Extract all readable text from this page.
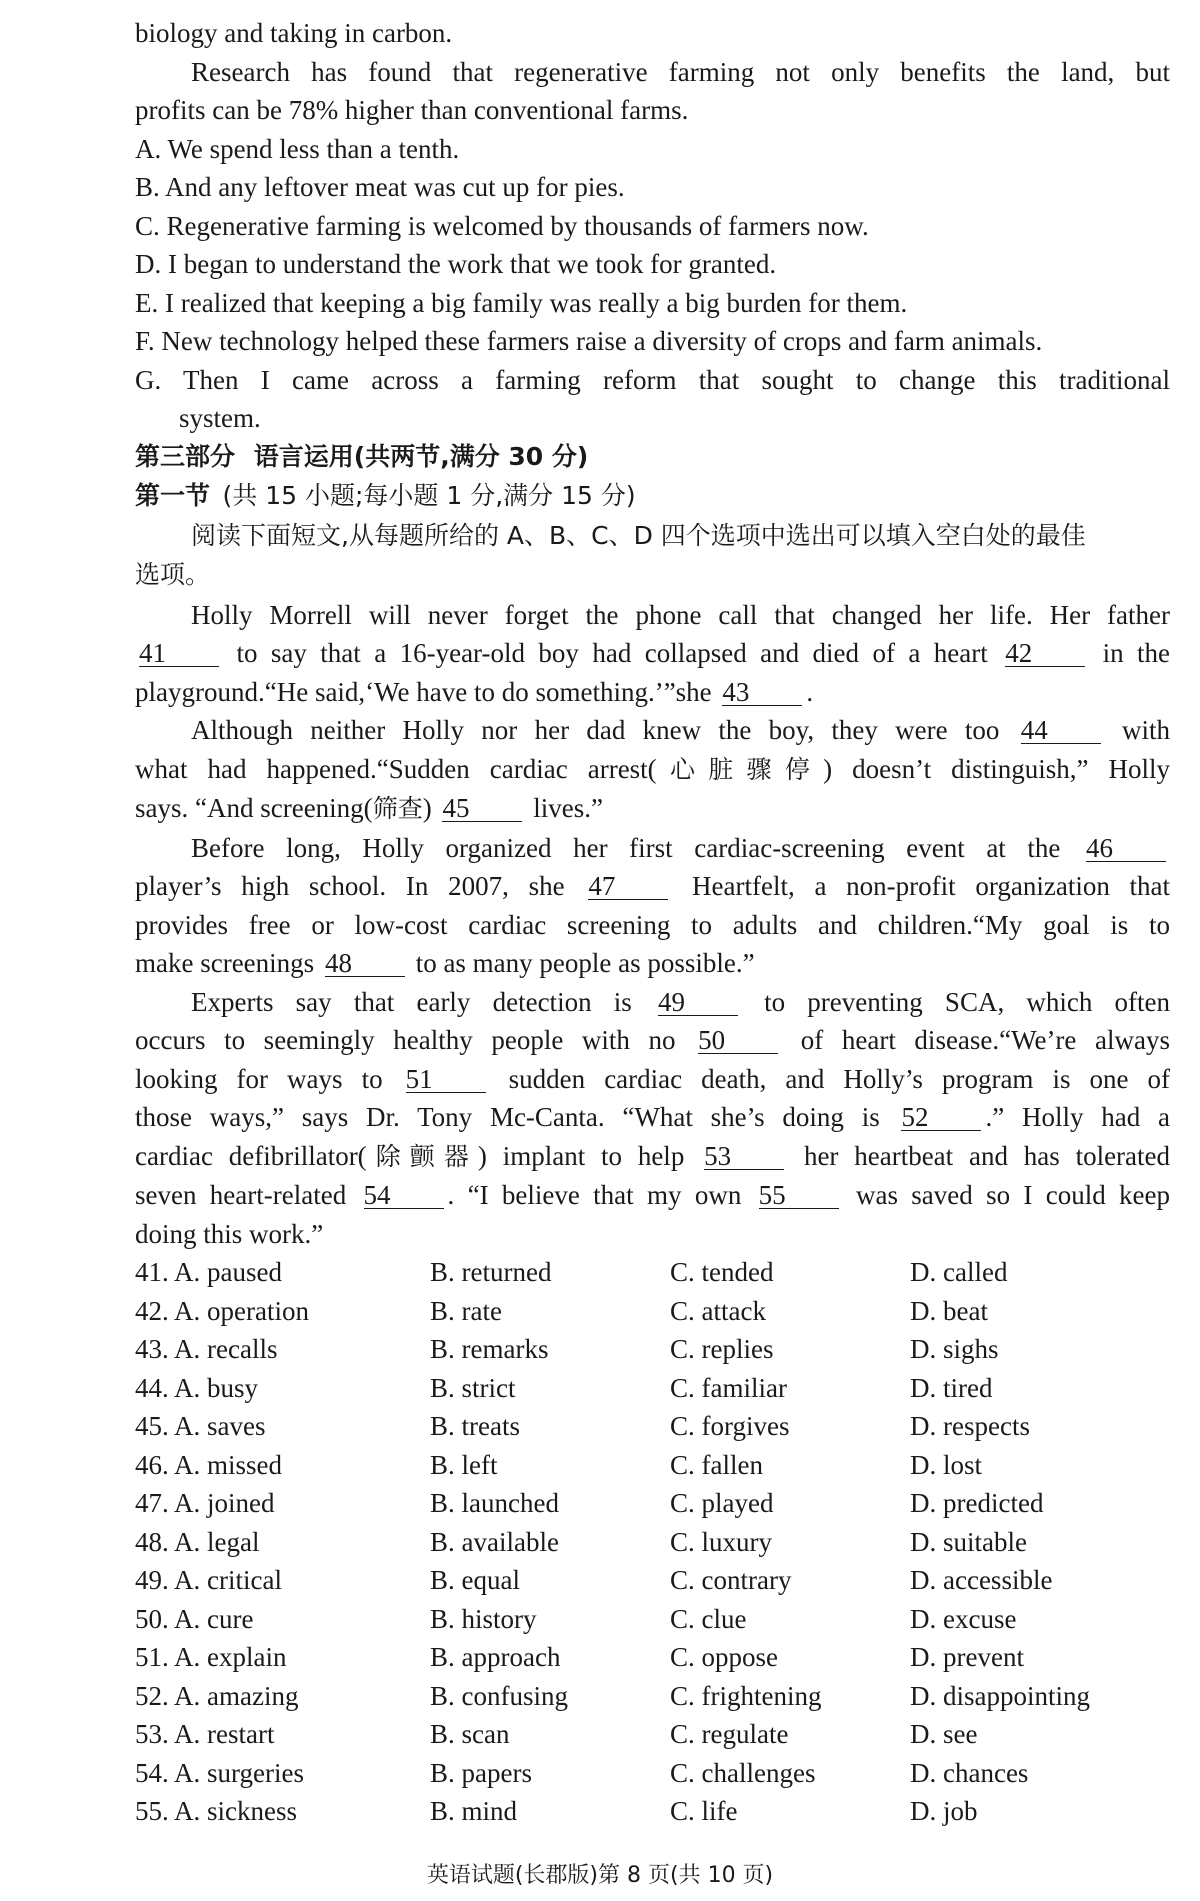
biology and taking in carbon.
Research has found that regenerative farming not only benefits the land, but
profits can be 78% higher than conventional farms.
A. We spend less than a tenth.
B. And any leftover meat was cut up for pies.
C. Regenerative farming is welcomed by thousands of farmers now.
D. I began to understand the work that we took for granted.
E. I realized that keeping a big family was really a big burden for them.
F. New technology helped these farmers raise a diversity of crops and farm animals.
G. Then I came across a farming reform that sought to change this traditional
system.
第三部分 语言运用(共两节,满分 30 分)
第一节 (共 15 小题;每小题 1 分,满分 15 分)
阅读下面短文,从每题所给的 A、B、C、D 四个选项中选出可以填入空白处的最佳
选项。
Holly Morrell will never forget the phone call that changed her life. Her father
41	to say that a 16-year-old boy had collapsed and died of a heart 42	in the
playground.“He said,‘We have to do something.’”she 43 .
Although neither Holly nor her dad knew the boy, they were too 44	with
what had happened.“Sudden cardiac arrest(心脏骤停) doesn’t distinguish,” Holly
says. “And screening(筛查) 45 lives.”
Before long, Holly organized her first cardiac-screening event at the 46
player’s high school. In 2007, she 47	Heartfelt, a non-profit organization that
provides free or low-cost cardiac screening to adults and children.“My goal is to
make screenings 48 to as many people as possible.”
Experts say that early detection is 49	to preventing SCA, which often
occurs to seemingly healthy people with no 50	of heart disease.“We’re always
looking for ways to 51	sudden cardiac death, and Holly’s program is one of
those ways,” says Dr. Tony Mc-Canta. “What she’s doing is 52 .” Holly had a
cardiac defibrillator(除颤器) implant to help 53	her heartbeat and has tolerated
seven heart-related 54 . “I believe that my own 55	was saved so I could keep
doing this work.”
41. A. paused	B. returned	C. tended	D. called
42. A. operation	B. rate	C. attack	D. beat
43. A. recalls	B. remarks	C. replies	D. sighs
44. A. busy	B. strict	C. familiar	D. tired
45. A. saves	B. treats	C. forgives	D. respects
46. A. missed	B. left	C. fallen	D. lost
47. A. joined	B. launched	C. played	D. predicted
48. A. legal	B. available	C. luxury	D. suitable
49. A. critical	B. equal	C. contrary	D. accessible
50. A. cure	B. history	C. clue	D. excuse
51. A. explain	B. approach	C. oppose	D. prevent
52. A. amazing	B. confusing	C. frightening	D. disappointing
53. A. restart	B. scan	C. regulate	D. see
54. A. surgeries	B. papers	C. challenges	D. chances
55. A. sickness	B. mind	C. life	D. job
英语试题(长郡版)第 8 页(共 10 页)
